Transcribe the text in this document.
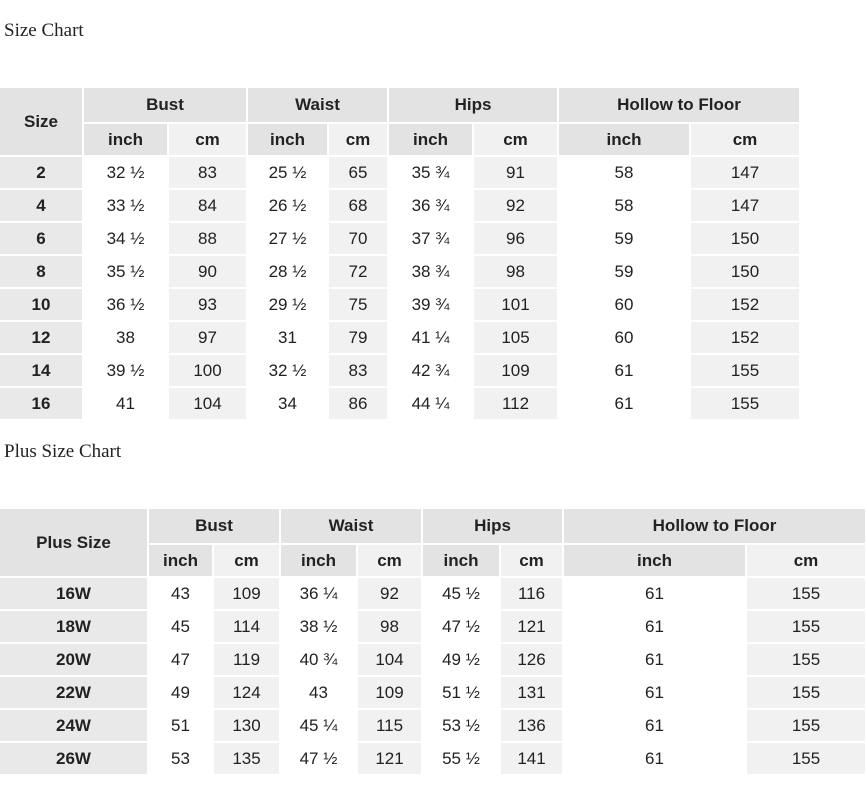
Size Chart
Size	Bust		Waist		Hips		Hollow to Floor	
	inch	cm	inch	cm	inch	cm	inch	cm
2	32 ½	83	25 ½	65	35 ¾	91	58	147
4	33 ½	84	26 ½	68	36 ¾	92	58	147
6	34 ½	88	27 ½	70	37 ¾	96	59	150
8	35 ½	90	28 ½	72	38 ¾	98	59	150
10	36 ½	93	29 ½	75	39 ¾	101	60	152
12	38	97	31	79	41 ¼	105	60	152
14	39 ½	100	32 ½	83	42 ¾	109	61	155
16	41	104	34	86	44 ¼	112	61	155
Plus Size Chart
Plus Size	Bust		Waist		Hips		Hollow to Floor	
	inch	cm	inch	cm	inch	cm	inch	cm
16W	43	109	36 ¼	92	45 ½	116	61	155
18W	45	114	38 ½	98	47 ½	121	61	155
20W	47	119	40 ¾	104	49 ½	126	61	155
22W	49	124	43	109	51 ½	131	61	155
24W	51	130	45 ¼	115	53 ½	136	61	155
26W	53	135	47 ½	121	55 ½	141	61	155
